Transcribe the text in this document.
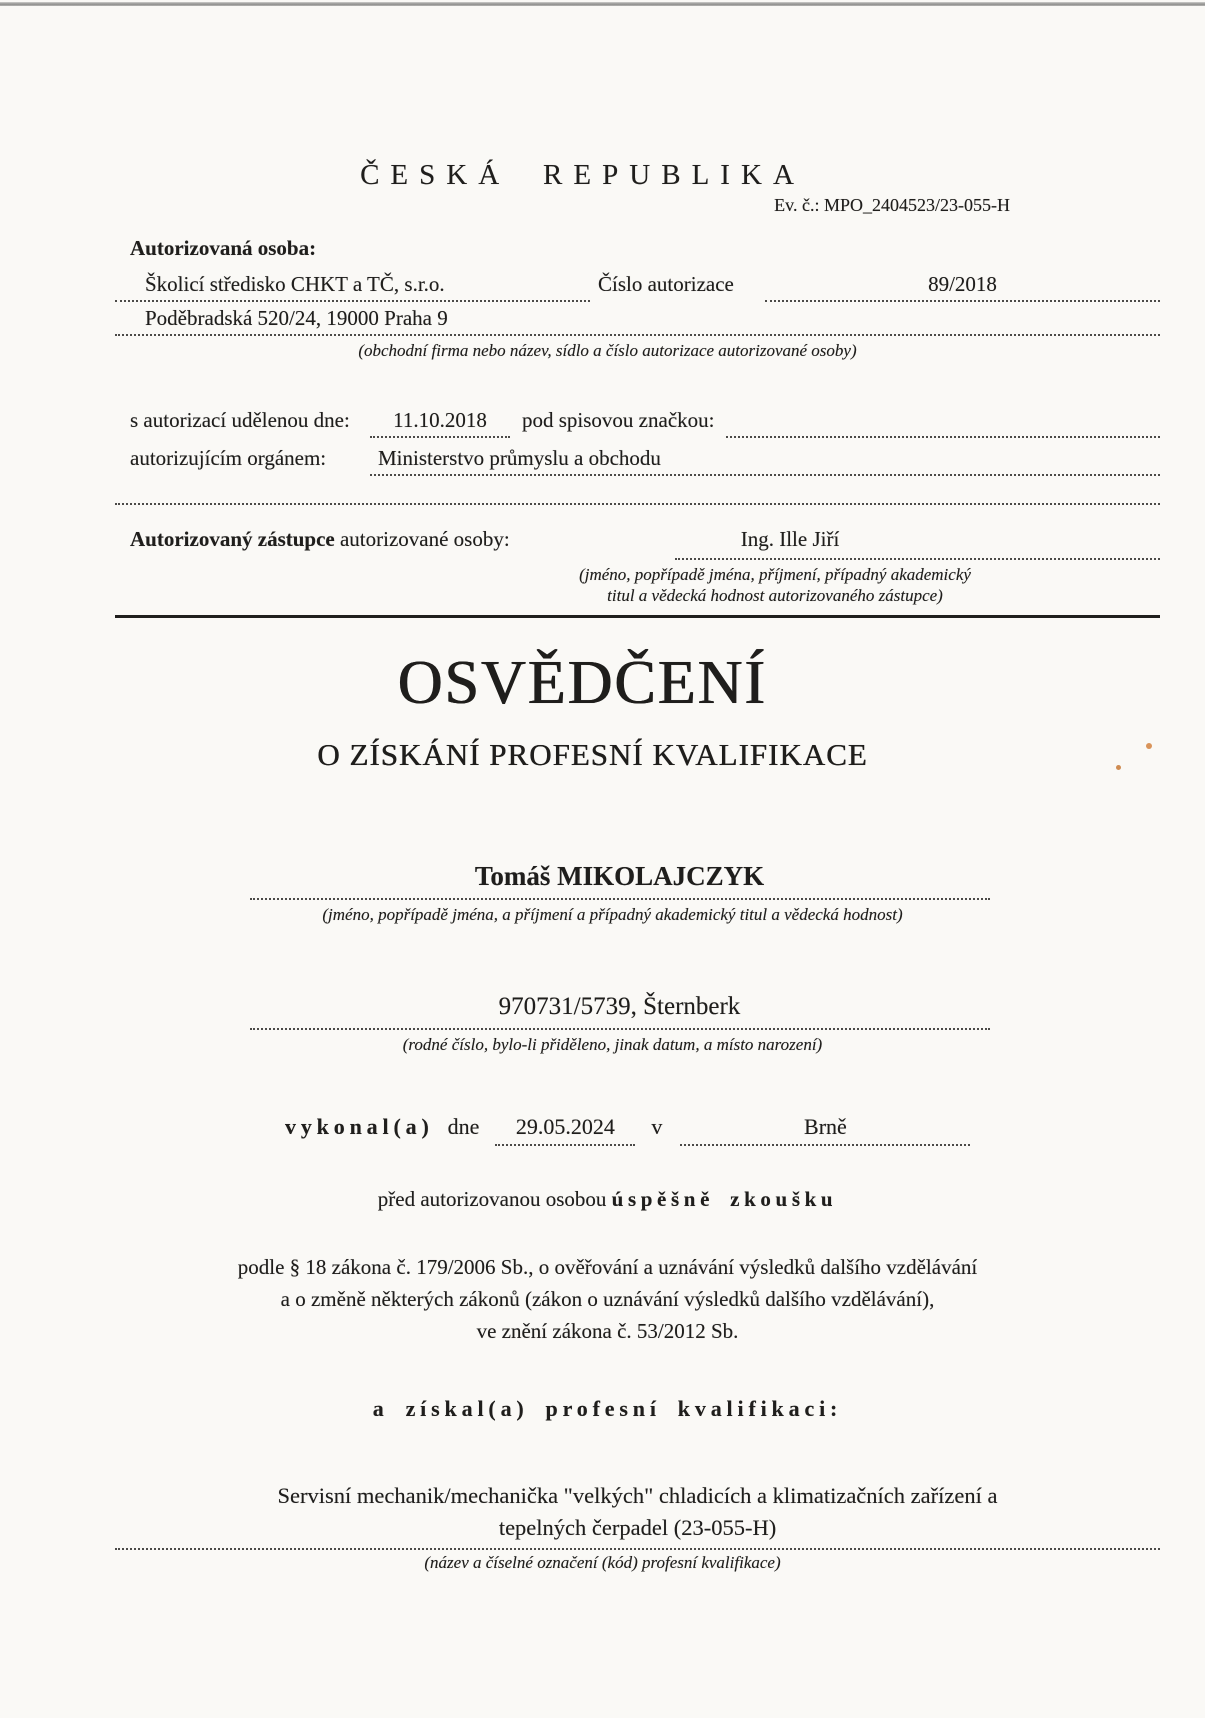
ČESKÁ REPUBLIKA
Ev. č.: MPO_2404523/23-055-H
Autorizovaná osoba:
Školicí středisko CHKT a TČ, s.r.o.	Číslo autorizace	89/2018
Poděbradská 520/24, 19000 Praha 9
(obchodní firma nebo název, sídlo a číslo autorizace autorizované osoby)
s autorizací udělenou dne:	11.10.2018	pod spisovou značkou:
autorizujícím orgánem:	Ministerstvo průmyslu a obchodu
Autorizovaný zástupce autorizované osoby:	Ing. Ille Jiří
(jméno, popřípadě jména, příjmení, případný akademický
titul a vědecká hodnost autorizovaného zástupce)
OSVĚDČENÍ
O ZÍSKÁNÍ PROFESNÍ KVALIFIKACE
Tomáš MIKOLAJCZYK
(jméno, popřípadě jména, a příjmení a případný akademický titul a vědecká hodnost)
970731/5739, Šternberk
(rodné číslo, bylo-li přiděleno, jinak datum, a místo narození)
vykonal(a) dne	29.05.2024	v	Brně
před autorizovanou osobou úspěšně zkoušku
podle § 18 zákona č. 179/2006 Sb., o ověřování a uznávání výsledků dalšího vzdělávání
a o změně některých zákonů (zákon o uznávání výsledků dalšího vzdělávání),
ve znění zákona č. 53/2012 Sb.
a získal(a) profesní kvalifikaci:
Servisní mechanik/mechanička "velkých" chladicích a klimatizačních zařízení a
tepelných čerpadel (23-055-H)
(název a číselné označení (kód) profesní kvalifikace)
